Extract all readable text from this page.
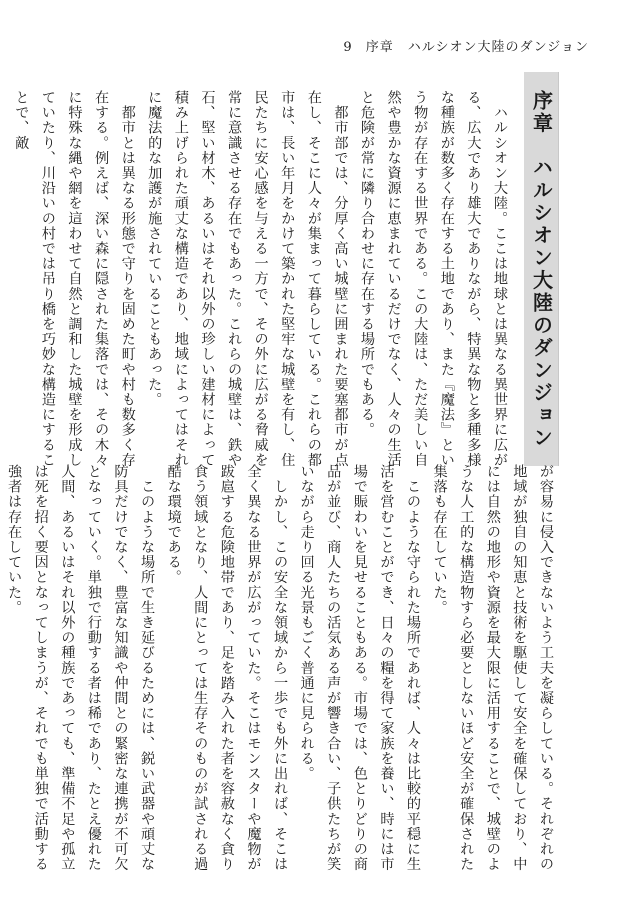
9 序章　ハルシオン大陸のダンジョン
序章
ハルシオン大陸のダンジョン
　ハルシオン大陸。ここは地球とは異なる異世界に広がる、広大であり雄大でありながら、特異な物と多種多様な種族が数多く存在する土地であり、また『魔法』という物が存在する世界である。この大陸は、ただ美しい自然や豊かな資源に恵まれているだけでなく、人々の生活と危険が常に隣り合わせに存在する場所でもある。
　都市部では、分厚く高い城壁に囲まれた要塞都市が点在し、そこに人々が集まって暮らしている。これらの都市は、長い年月をかけて築かれた堅牢な城壁を有し、住民たちに安心感を与える一方で、その外に広がる脅威を常に意識させる存在でもあった。これらの城壁は、鉄や石、堅い材木、あるいはそれ以外の珍しい建材によって積み上げられた頑丈な構造であり、地域によってはそれに魔法的な加護が施されていることもあった。
　都市とは異なる形態で守りを固めた町や村も数多く存在する。例えば、深い森に隠された集落では、その木々に特殊な縄や網を這わせて自然と調和した城壁を形成していたり、川沿いの村では吊り橋を巧妙な構造にすることで、敵
が容易に侵入できないよう工夫を凝らしている。それぞれの地域が独自の知恵と技術を駆使して安全を確保しており、中には自然の地形や資源を最大限に活用することで、城壁のような人工的な構造物すら必要としないほど安全が確保された集落も存在していた。
　このような守られた場所であれば、人々は比較的平穏に生活を営むことができ、日々の糧を得て家族を養い、時には市場で賑わいを見せることもある。市場では、色とりどりの商品が並び、商人たちの活気ある声が響き合い、子供たちが笑いながら走り回る光景もごく普通に見られる。
　しかし、この安全な領域から一歩でも外に出れば、そこは全く異なる世界が広がっていた。そこはモンスターや魔物が跋扈する危険地帯であり、足を踏み入れた者を容赦なく貪り食う領域となり、人間にとっては生存そのものが試される過酷な環境である。
　このような場所で生き延びるためには、鋭い武器や頑丈な防具だけでなく、豊富な知識や仲間との緊密な連携が不可欠となっていく。単独で行動する者は稀であり、たとえ優れた人間、あるいはそれ以外の種族であっても、準備不足や孤立は死を招く要因となってしまうが、それでも単独で活動する強者は存在していた。
